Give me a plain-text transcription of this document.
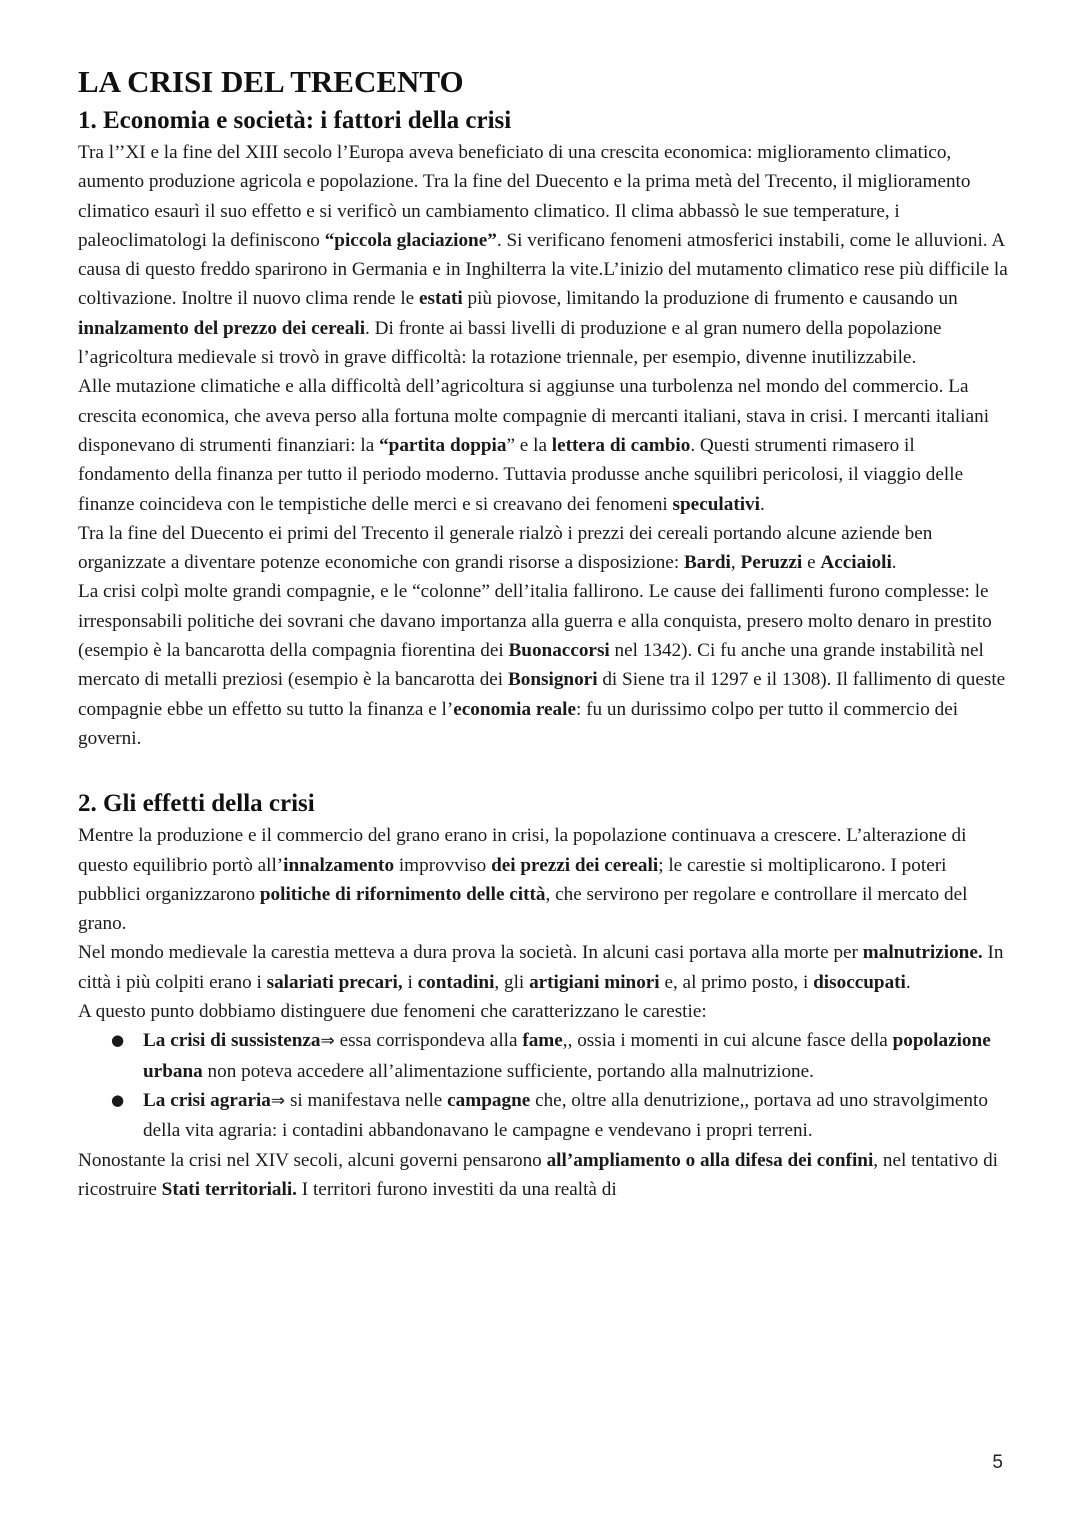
LA CRISI DEL TRECENTO
1. Economia e società: i fattori della crisi

Tra l’’XI e la fine del XIII secolo l’Europa aveva beneficiato di una crescita economica: miglioramento climatico, aumento produzione agricola e popolazione. Tra la fine del Duecento e la prima metà del Trecento, il miglioramento climatico esaurì il suo effetto e si verificò un cambiamento climatico. Il clima abbassò le sue temperature, i paleoclimatologi la definiscono “piccola glaciazione”. Si verificano fenomeni atmosferici instabili, come le alluvioni. A causa di questo freddo sparirono in Germania e in Inghilterra la vite.L’inizio del mutamento climatico rese più difficile la coltivazione. Inoltre il nuovo clima rende le estati più piovose, limitando la produzione di frumento e causando un innalzamento del prezzo dei cereali. Di fronte ai bassi livelli di produzione e al gran numero della popolazione l’agricoltura medievale si trovò in grave difficoltà: la rotazione triennale, per esempio, divenne inutilizzabile.

Alle mutazione climatiche e alla difficoltà dell’agricoltura si aggiunse una turbolenza nel mondo del commercio. La crescita economica, che aveva perso alla fortuna molte compagnie di mercanti italiani, stava in crisi. I mercanti italiani disponevano di strumenti finanziari: la “partita doppia” e la lettera di cambio. Questi strumenti rimasero il fondamento della finanza per tutto il periodo moderno. Tuttavia produsse anche squilibri pericolosi, il viaggio delle finanze coincideva con le tempistiche delle merci e si creavano dei fenomeni speculativi.

Tra la fine del Duecento ei primi del Trecento il generale rialzò i prezzi dei cereali portando alcune aziende ben organizzate a diventare potenze economiche con grandi risorse a disposizione: Bardi, Peruzzi e Acciaioli.

La crisi colpì molte grandi compagnie, e le “colonne” dell’italia fallirono. Le cause dei fallimenti furono complesse: le irresponsabili politiche dei sovrani che davano importanza alla guerra e alla conquista, presero molto denaro in prestito (esempio è la bancarotta della compagnia fiorentina dei Buonaccorsi nel 1342). Ci fu anche una grande instabilità nel mercato di metalli preziosi (esempio è la bancarotta dei Bonsignori di Siene tra il 1297 e il 1308). Il fallimento di queste compagnie ebbe un effetto su tutto la finanza e l’economia reale: fu un durissimo colpo per tutto il commercio dei governi.

2. Gli effetti della crisi

Mentre la produzione e il commercio del grano erano in crisi, la popolazione continuava a crescere. L’alterazione di questo equilibrio portò all’innalzamento improvviso dei prezzi dei cereali; le carestie si moltiplicarono. I poteri pubblici organizzarono politiche di rifornimento delle città, che servirono per regolare e controllare il mercato del grano.

Nel mondo medievale la carestia metteva a dura prova la società. In alcuni casi portava alla morte per malnutrizione. In città i più colpiti erano i salariati precari, i contadini, gli artigiani minori e, al primo posto, i disoccupati.

A questo punto dobbiamo distinguere due fenomeni che caratterizzano le carestie:

● La crisi di sussistenza⇒ essa corrispondeva alla fame,, ossia i momenti in cui alcune fasce della popolazione urbana non poteva accedere all’alimentazione sufficiente, portando alla malnutrizione.
● La crisi agraria⇒ si manifestava nelle campagne che, oltre alla denutrizione,, portava ad uno stravolgimento della vita agraria: i contadini abbandonavano le campagne e vendevano i propri terreni.

Nonostante la crisi nel XIV secoli, alcuni governi pensarono all’ampliamento o alla difesa dei confini, nel tentativo di ricostruire Stati territoriali. I territori furono investiti da una realtà di

5
